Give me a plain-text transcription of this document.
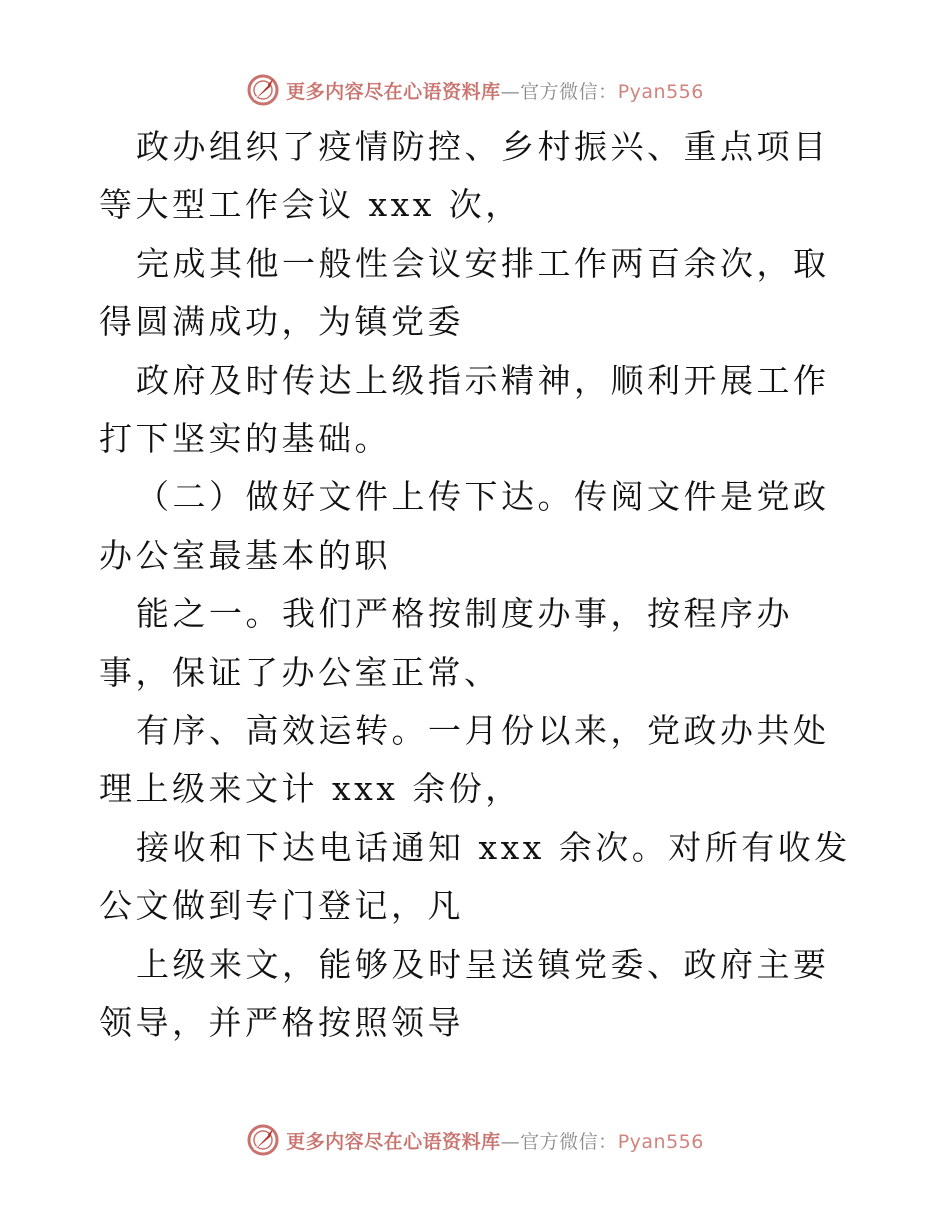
更多内容尽在心语资料库—官方微信：Pyan556

政办组织了疫情防控、乡村振兴、重点项目等大型工作会议 xxx 次，

完成其他一般性会议安排工作两百余次，取得圆满成功，为镇党委

政府及时传达上级指示精神，顺利开展工作打下坚实的基础。

（二）做好文件上传下达。传阅文件是党政办公室最基本的职

能之一。我们严格按制度办事，按程序办事，保证了办公室正常、

有序、高效运转。一月份以来，党政办共处理上级来文计 xxx 余份，

接收和下达电话通知 xxx 余次。对所有收发公文做到专门登记，凡

上级来文，能够及时呈送镇党委、政府主要领导，并严格按照领导

更多内容尽在心语资料库—官方微信：Pyan556
